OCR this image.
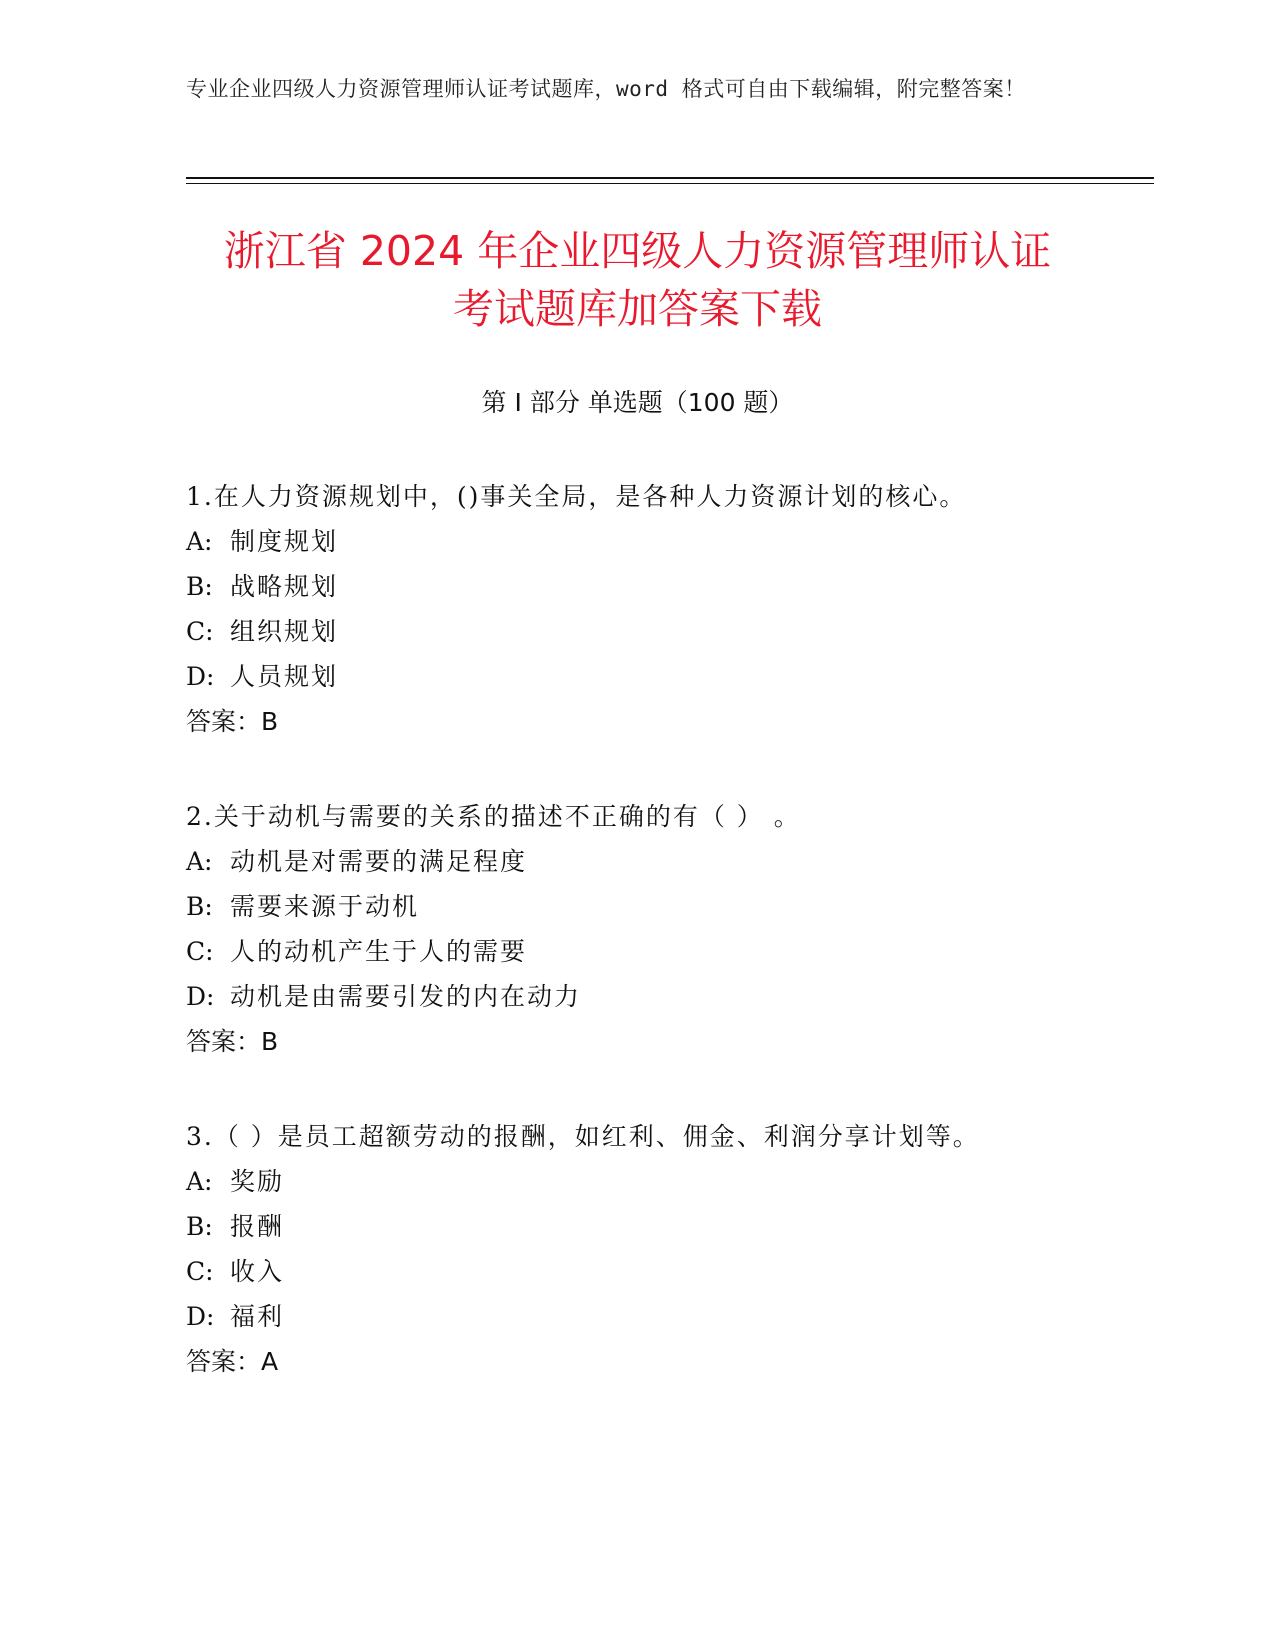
专业企业四级人力资源管理师认证考试题库，word 格式可自由下载编辑，附完整答案！
浙江省 2024 年企业四级人力资源管理师认证
考试题库加答案下载
第 I 部分 单选题（100 题）
1.在人力资源规划中，()事关全局，是各种人力资源计划的核心。
A: 制度规划
B: 战略规划
C: 组织规划
D: 人员规划
答案：B
2.关于动机与需要的关系的描述不正确的有（ ） 。
A: 动机是对需要的满足程度
B: 需要来源于动机
C: 人的动机产生于人的需要
D: 动机是由需要引发的内在动力
答案：B
3.（ ）是员工超额劳动的报酬，如红利、佣金、利润分享计划等。
A: 奖励
B: 报酬
C: 收入
D: 福利
答案：A
